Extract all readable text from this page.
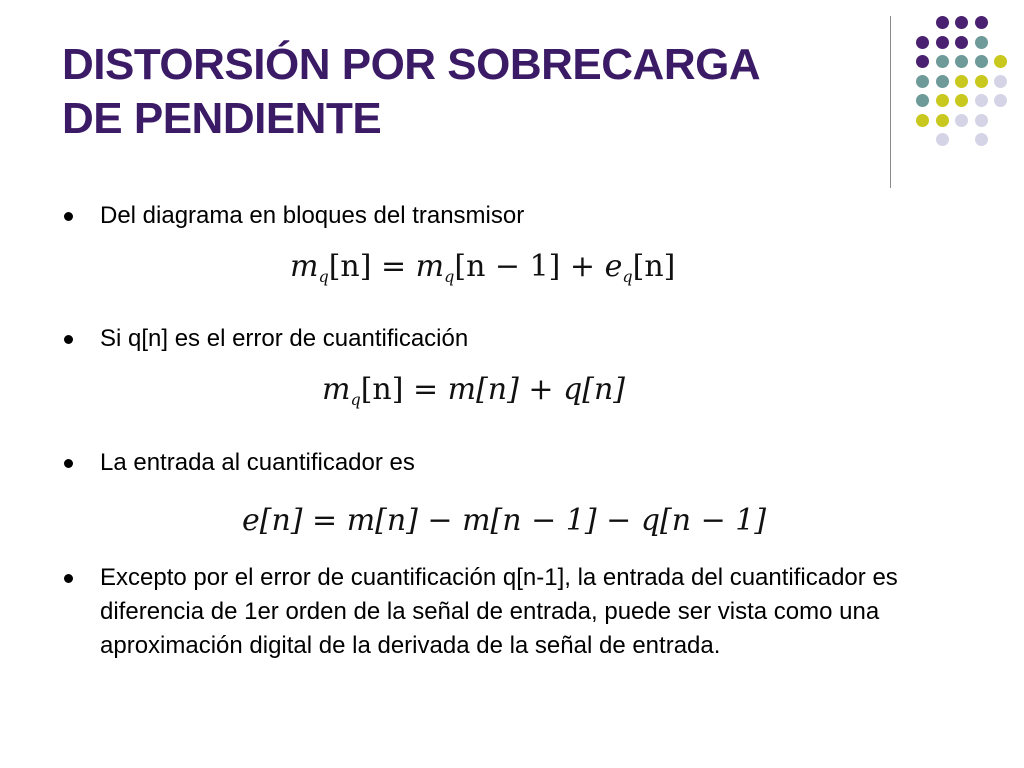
DISTORSIÓN POR SOBRECARGA
DE PENDIENTE
Del diagrama en bloques del transmisor
$m_q[n] = m_q[n - 1] + e_q[n]$
Si q[n] es el error de cuantificación
$m_q[n] = m[n] + q[n]$
La entrada al cuantificador es
e[n] = m[n] − m[n − 1] − q[n − 1]
Excepto por el error de cuantificación q[n-1], la entrada del cuantificador es diferencia de 1er orden de la señal de entrada, puede ser vista como una aproximación digital de la derivada de la señal de entrada.
